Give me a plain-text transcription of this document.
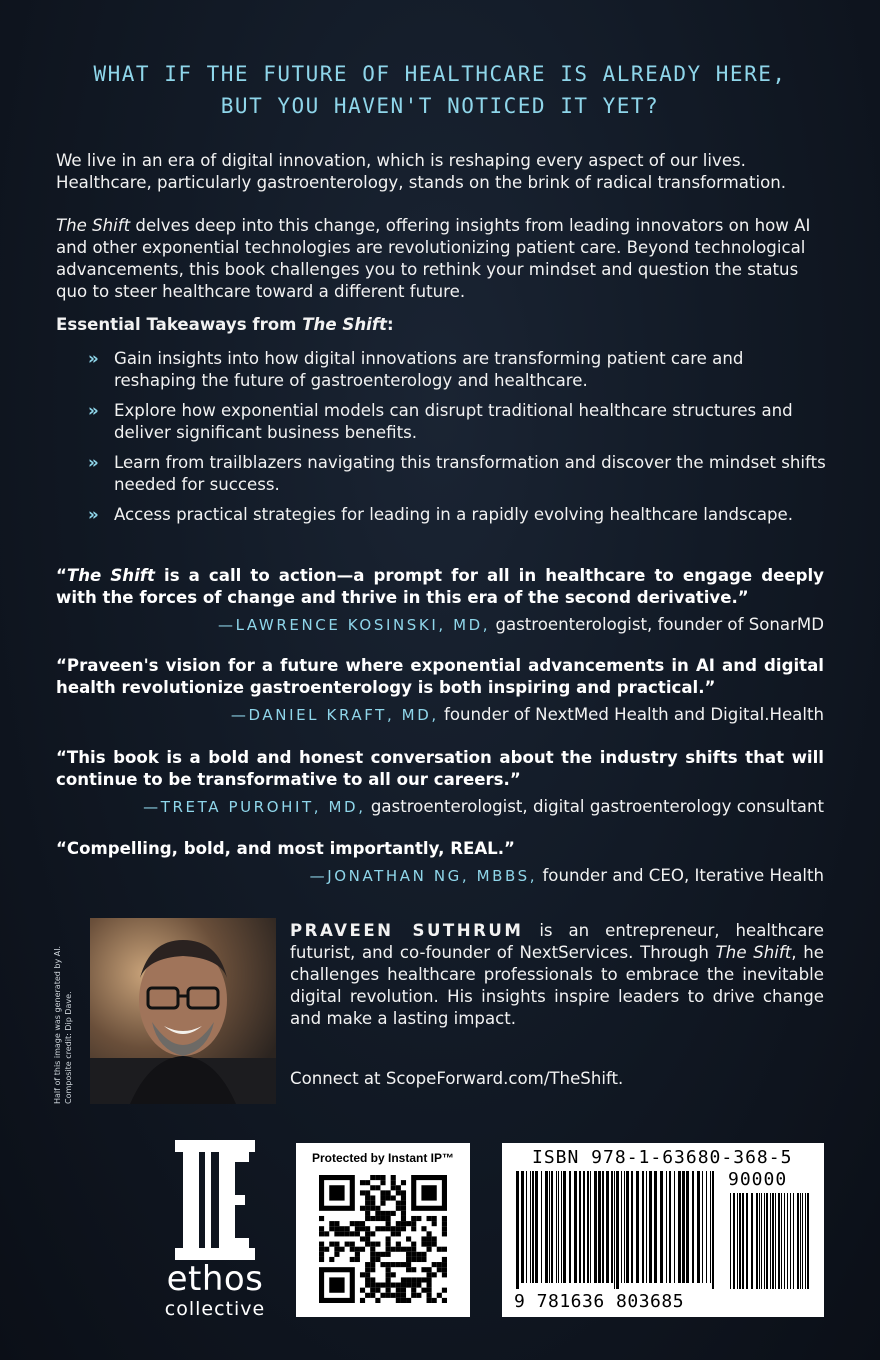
WHAT IF THE FUTURE OF HEALTHCARE IS ALREADY HERE,
BUT YOU HAVEN'T NOTICED IT YET?
We live in an era of digital innovation, which is reshaping every aspect of our lives. Healthcare, particularly gastroenterology, stands on the brink of radical transformation.
The Shift delves deep into this change, offering insights from leading innovators on how AI and other exponential technologies are revolutionizing patient care. Beyond technological advancements, this book challenges you to rethink your mindset and question the status quo to steer healthcare toward a different future.
Essential Takeaways from The Shift:
» Gain insights into how digital innovations are transforming patient care and reshaping the future of gastroenterology and healthcare.
» Explore how exponential models can disrupt traditional healthcare structures and deliver significant business benefits.
» Learn from trailblazers navigating this transformation and discover the mindset shifts needed for success.
» Access practical strategies for leading in a rapidly evolving healthcare landscape.
“The Shift is a call to action—a prompt for all in healthcare to engage deeply with the forces of change and thrive in this era of the second derivative.”
—LAWRENCE KOSINSKI, MD, gastroenterologist, founder of SonarMD
“Praveen's vision for a future where exponential advancements in AI and digital health revolutionize gastroenterology is both inspiring and practical.”
—DANIEL KRAFT, MD, founder of NextMed Health and Digital.Health
“This book is a bold and honest conversation about the industry shifts that will continue to be transformative to all our careers.”
—TRETA PUROHIT, MD, gastroenterologist, digital gastroenterology consultant
“Compelling, bold, and most importantly, REAL.”
—JONATHAN NG, MBBS, founder and CEO, Iterative Health
Half of this image was generated by AI. Composite credit: Dip Dave.
PRAVEEN SUTHRUM is an entrepreneur, healthcare futurist, and co-founder of NextServices. Through The Shift, he challenges healthcare professionals to embrace the inevitable digital revolution. His insights inspire leaders to drive change and make a lasting impact.
Connect at ScopeForward.com/TheShift.
ethos
collective
Protected by Instant IP™	ISBN 978-1-63680-368-5
90000
9 781636 803685
